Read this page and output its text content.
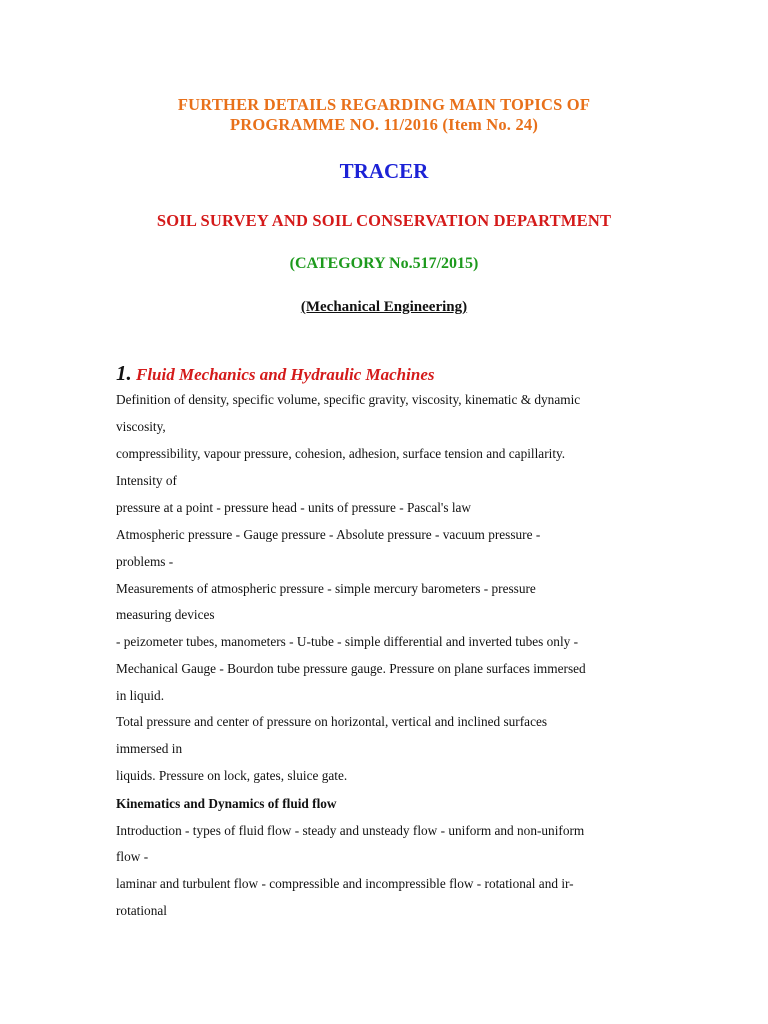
FURTHER DETAILS REGARDING MAIN TOPICS OF
PROGRAMME NO. 11/2016 (Item No. 24)
TRACER
SOIL SURVEY AND SOIL CONSERVATION DEPARTMENT
(CATEGORY No.517/2015)
(Mechanical Engineering)
1. Fluid Mechanics and Hydraulic Machines
Definition of density, specific volume, specific gravity, viscosity, kinematic & dynamic
viscosity,
compressibility, vapour pressure, cohesion, adhesion, surface tension and capillarity.
Intensity of
pressure at a point - pressure head - units of pressure - Pascal's law
Atmospheric pressure - Gauge pressure - Absolute pressure - vacuum pressure -
problems -
Measurements of atmospheric pressure - simple mercury barometers - pressure
measuring devices
- peizometer tubes, manometers - U-tube - simple differential and inverted tubes only -
Mechanical Gauge - Bourdon tube pressure gauge. Pressure on plane surfaces immersed
in liquid.
Total pressure and center of pressure on horizontal, vertical and inclined surfaces
immersed in
liquids. Pressure on lock, gates, sluice gate.
Kinematics and Dynamics of fluid flow
Introduction - types of fluid flow - steady and unsteady flow - uniform and non-uniform
flow -
laminar and turbulent flow - compressible and incompressible flow - rotational and ir-
rotational
